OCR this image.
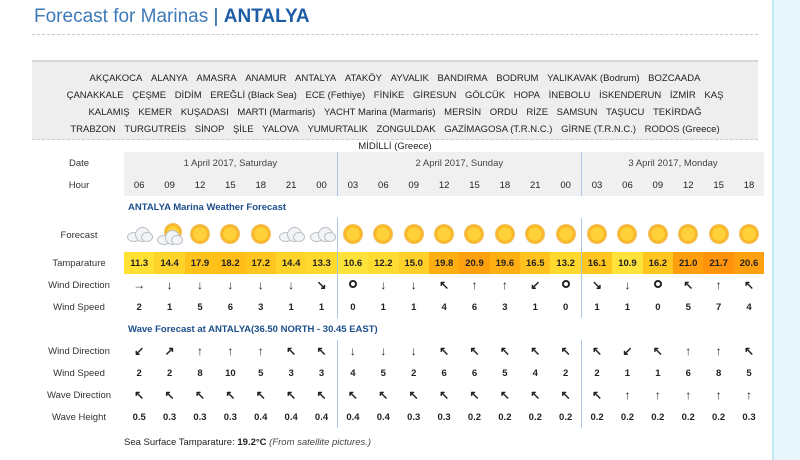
Forecast for Marinas | ANTALYA
AKÇAKOCA ALANYA AMASRA ANAMUR ANTALYA ATAKÖY AYVALIK BANDIRMA BODRUM YALIKAVAK (Bodrum) BOZCAADA ÇANAKKALE ÇEŞME DİDİM EREĞLİ (Black Sea) ECE (Fethiye) FİNİKE GİRESUN GÖLCÜK HOPA İNEBOLU İSKENDERUN İZMİR KAŞ KALAMIŞ KEMER KUŞADASI MARTI (Marmaris) YACHT Marina (Marmaris) MERSİN ORDU RİZE SAMSUN TAŞUCU TEKİRDAĞ TRABZON TURGUTREİS SİNOP ŞİLE YALOVA YUMURTALIK ZONGULDAK GAZİMAGOSA (T.R.N.C.) GİRNE (T.R.N.C.) RODOS (Greece) MİDİLLİ (Greece)
Date	1 April 2017, Saturday							2 April 2017, Sunday								3 April 2017, Monday					
Hour	06	09	12	15	18	21	00	03	06	09	12	15	18	21	00	03	06	09	12	15	18
	ANTALYA Marina Weather Forecast																				
Forecast	

Tamparature	11.3	14.4	17.9	18.2	17.2	14.4	13.3	10.6	12.2	15.0	19.8	20.9	19.6	16.5	13.2	16.1	10.9	16.2	21.0	21.7	20.6
Wind Direction	→	↓	↓	↓	↓	↓	↘		↓	↓	↖	↑	↑	↙		↘	↓		↖	↑	↖
Wind Speed	2	1	5	6	3	1	1	0	1	1	4	6	3	1	0	1	1	0	5	7	4
	Wave Forecast at ANTALYA(36.50 NORTH - 30.45 EAST)																				
Wind Direction	↙	↗	↑	↑	↑	↖	↖	↓	↓	↓	↖	↖	↖	↖	↖	↖	↙	↖	↑	↑	↖
Wind Speed	2	2	8	10	5	3	3	4	5	2	6	6	5	4	2	2	1	1	6	8	5
Wave Direction	↖	↖	↖	↖	↖	↖	↖	↖	↖	↖	↖	↖	↖	↖	↖	↖	↑	↑	↑	↑	↑
Wave Height	0.5	0.3	0.3	0.3	0.4	0.4	0.4	0.4	0.4	0.3	0.3	0.2	0.2	0.2	0.2	0.2	0.2	0.2	0.2	0.2	0.3
Sea Surface Tamparature: 19.2°C (From satellite pictures.)
